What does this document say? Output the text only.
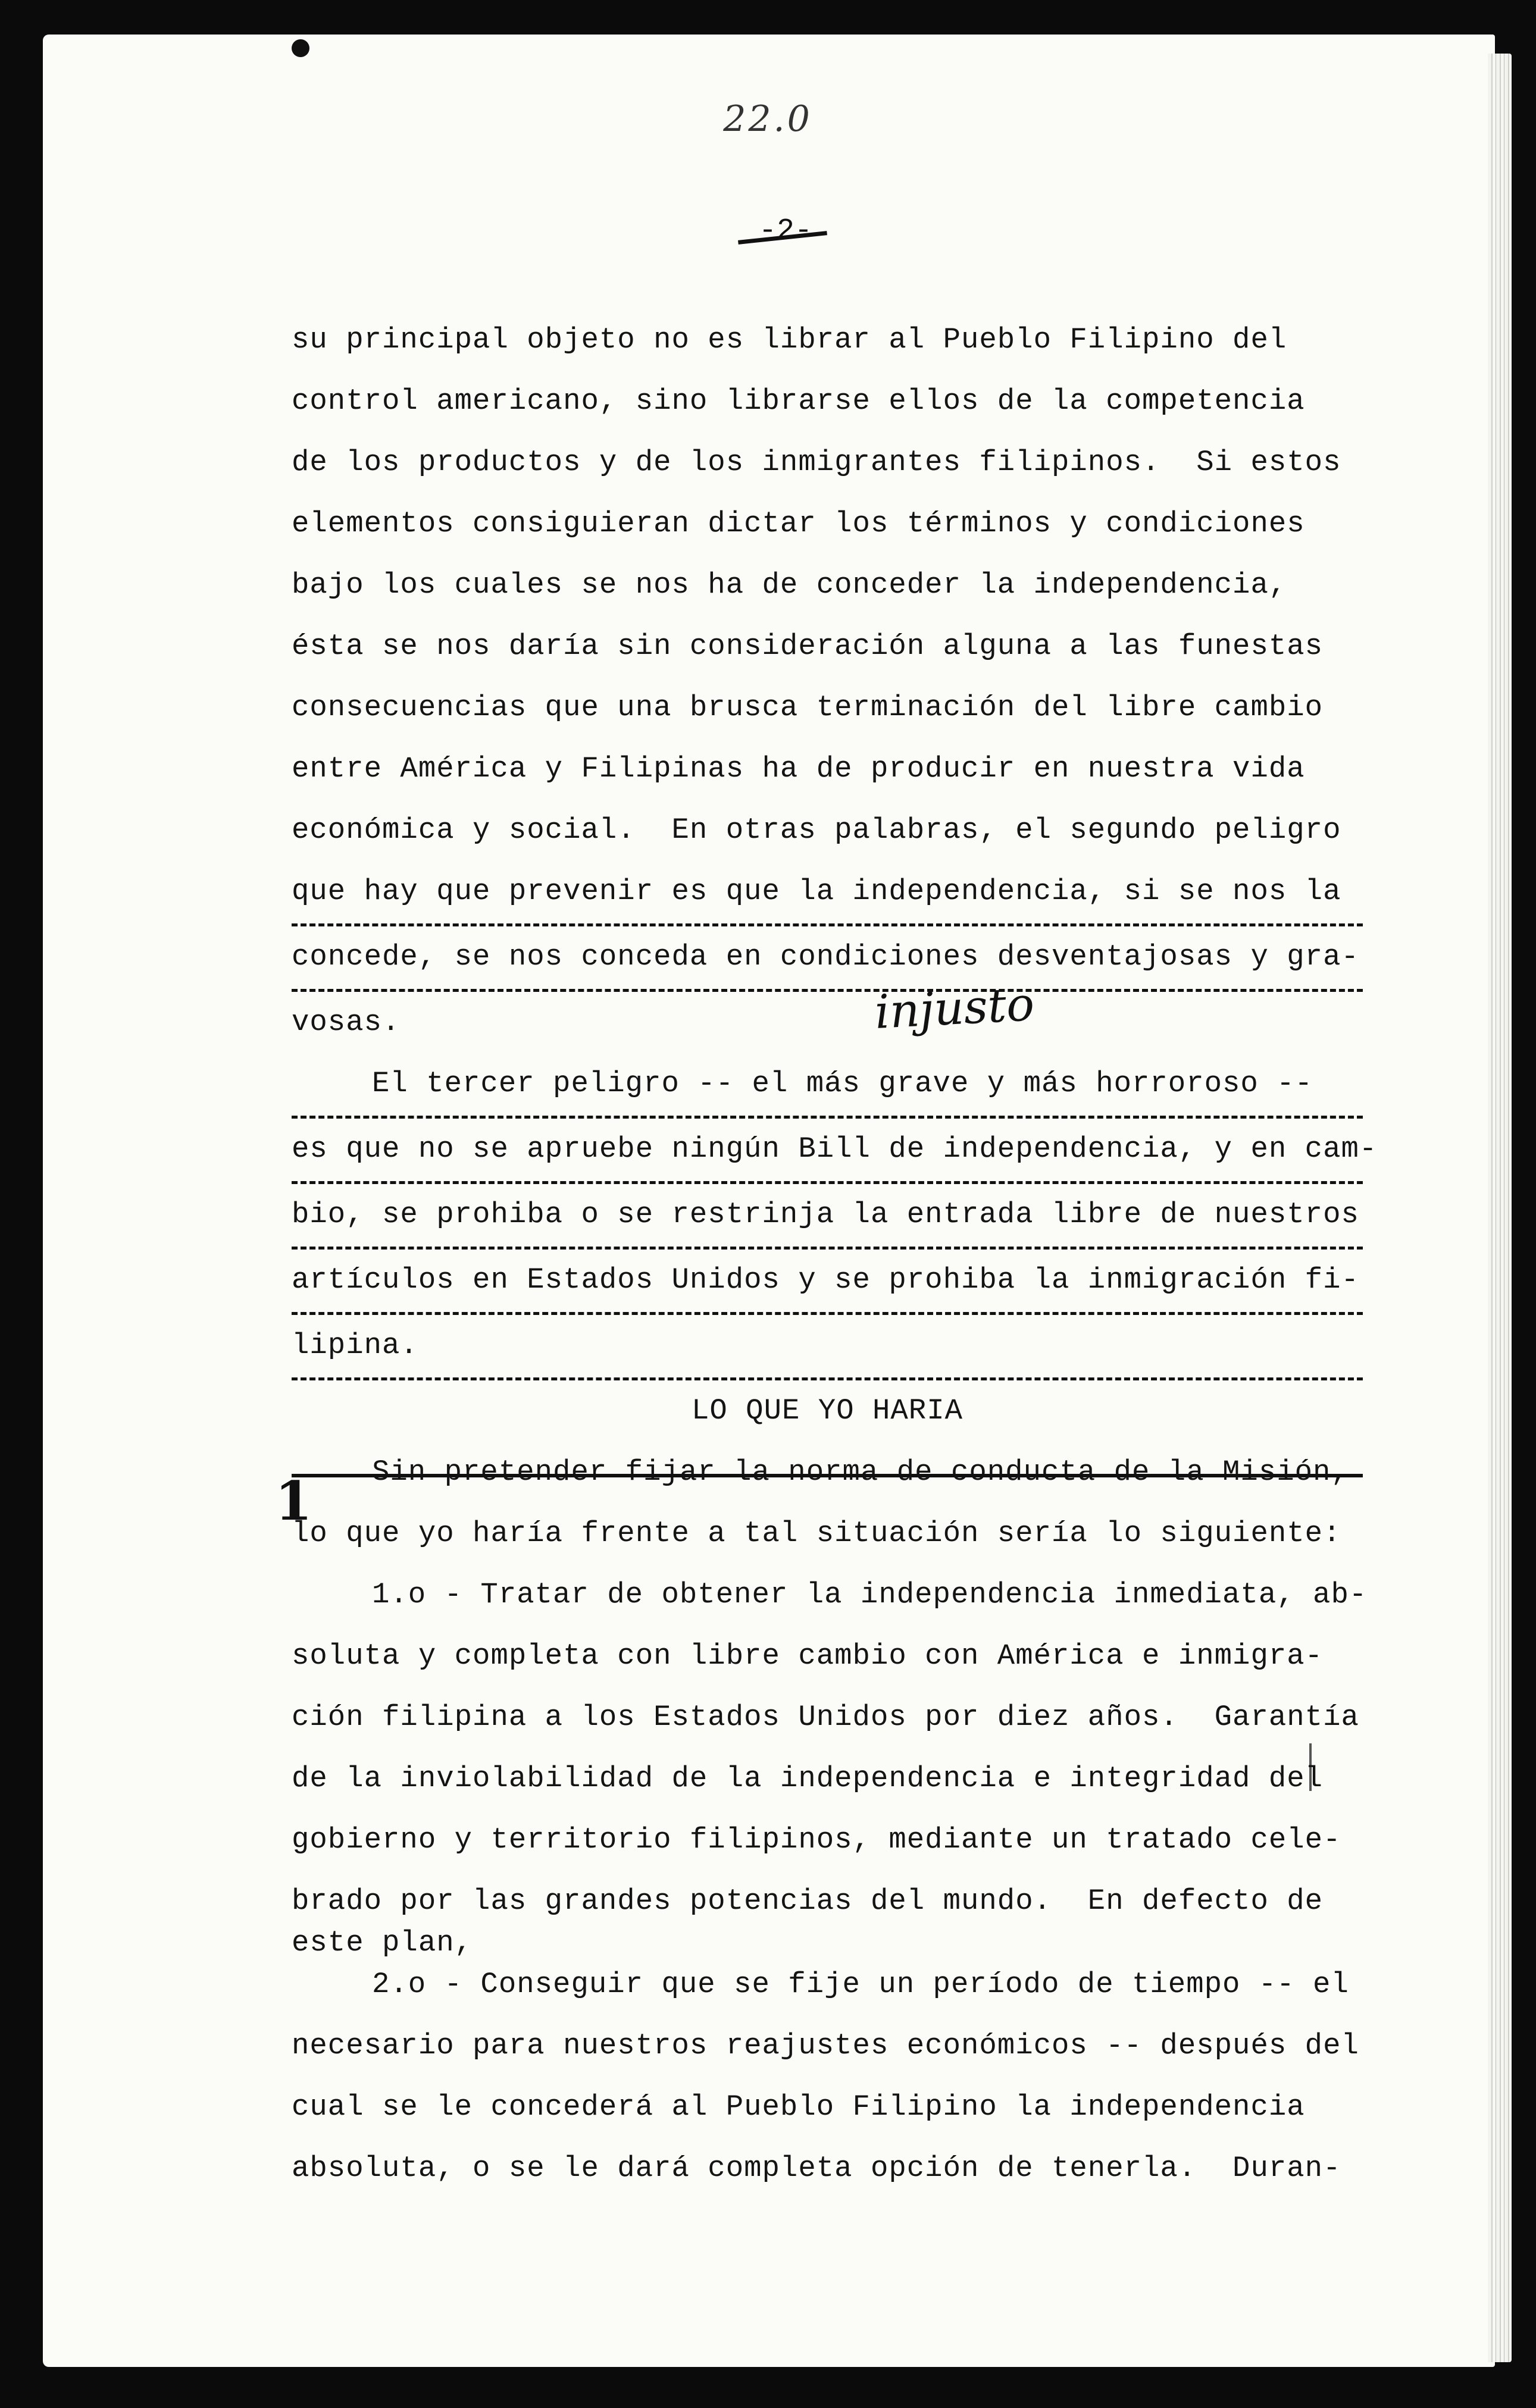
22.0
-2-
injusto
1
su principal objeto no es librar al Pueblo Filipino del
control americano, sino librarse ellos de la competencia
de los productos y de los inmigrantes filipinos.  Si estos
elementos consiguieran dictar los términos y condiciones
bajo los cuales se nos ha de conceder la independencia,
ésta se nos daría sin consideración alguna a las funestas
consecuencias que una brusca terminación del libre cambio
entre América y Filipinas ha de producir en nuestra vida
económica y social.  En otras palabras, el segundo peligro
que hay que prevenir es que la independencia, si se nos la
concede, se nos conceda en condiciones desventajosas y gra-
vosas.
El tercer peligro -- el más grave y más horroroso --
es que no se apruebe ningún Bill de independencia, y en cam-
bio, se prohiba o se restrinja la entrada libre de nuestros
artículos en Estados Unidos y se prohiba la inmigración fi-
lipina.
LO QUE YO HARIA
Sin pretender fijar la norma de conducta de la Misión,
lo que yo haría frente a tal situación sería lo siguiente:
1.o - Tratar de obtener la independencia inmediata, ab-
soluta y completa con libre cambio con América e inmigra-
ción filipina a los Estados Unidos por diez años.  Garantía
de la inviolabilidad de la independencia e integridad del
gobierno y territorio filipinos, mediante un tratado cele-
brado por las grandes potencias del mundo.  En defecto de
este plan,
2.o - Conseguir que se fije un período de tiempo -- el
necesario para nuestros reajustes económicos -- después del
cual se le concederá al Pueblo Filipino la independencia
absoluta, o se le dará completa opción de tenerla.  Duran-
